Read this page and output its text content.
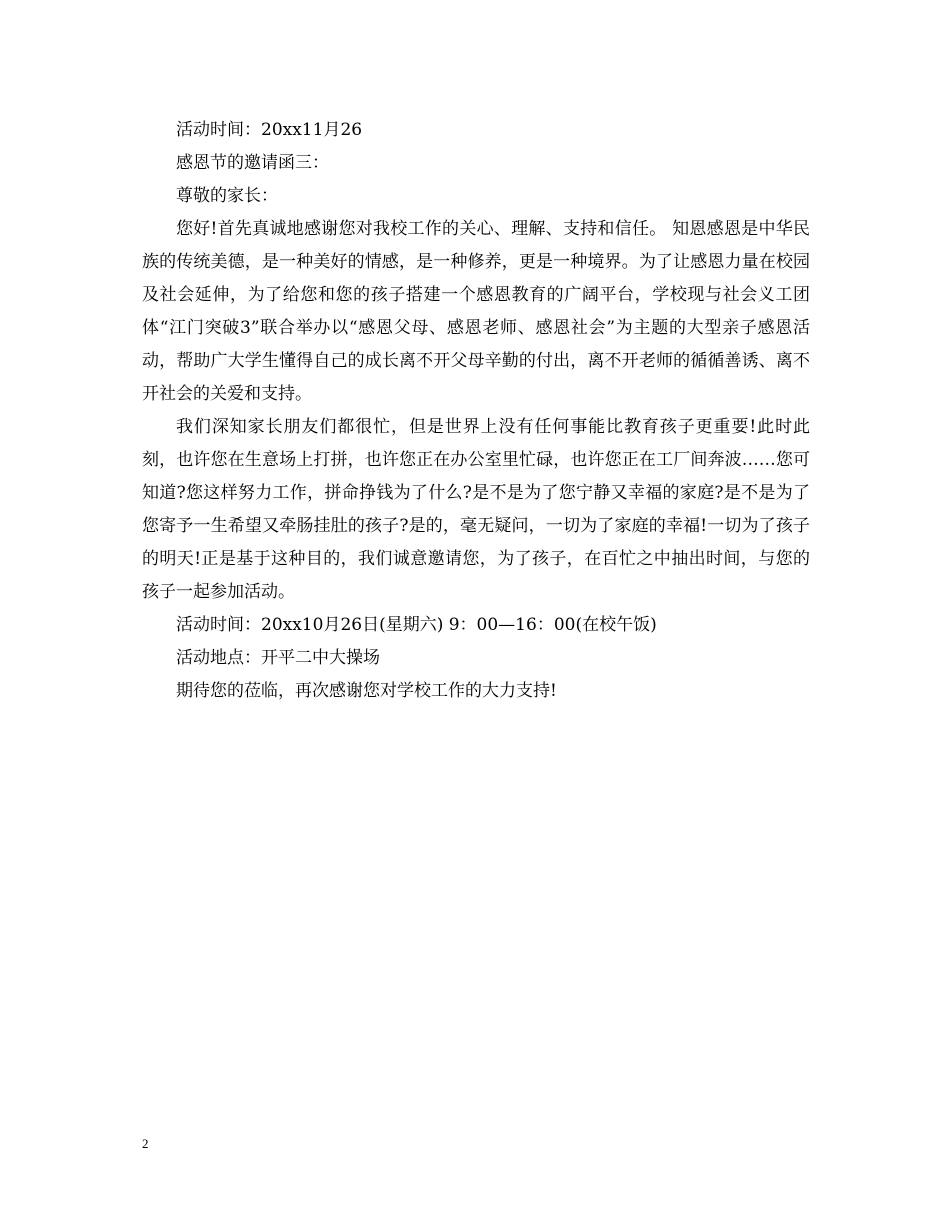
活动时间：20xx11月26

感恩节的邀请函三：

尊敬的家长：

您好!首先真诚地感谢您对我校工作的关心、理解、支持和信任。 知恩感恩是中华民族的传统美德，是一种美好的情感，是一种修养，更是一种境界。为了让感恩力量在校园及社会延伸，为了给您和您的孩子搭建一个感恩教育的广阔平台，学校现与社会义工团体“江门突破3”联合举办以“感恩父母、感恩老师、感恩社会”为主题的大型亲子感恩活动，帮助广大学生懂得自己的成长离不开父母辛勤的付出，离不开老师的循循善诱、离不开社会的关爱和支持。

我们深知家长朋友们都很忙，但是世界上没有任何事能比教育孩子更重要!此时此刻，也许您在生意场上打拼，也许您正在办公室里忙碌，也许您正在工厂间奔波……您可知道?您这样努力工作，拼命挣钱为了什么?是不是为了您宁静又幸福的家庭?是不是为了您寄予一生希望又牵肠挂肚的孩子?是的，毫无疑问，一切为了家庭的幸福!一切为了孩子的明天!正是基于这种目的，我们诚意邀请您，为了孩子，在百忙之中抽出时间，与您的孩子一起参加活动。

活动时间：20xx10月26日(星期六) 9：00—16：00(在校午饭)

活动地点：开平二中大操场

期待您的莅临，再次感谢您对学校工作的大力支持!

2
